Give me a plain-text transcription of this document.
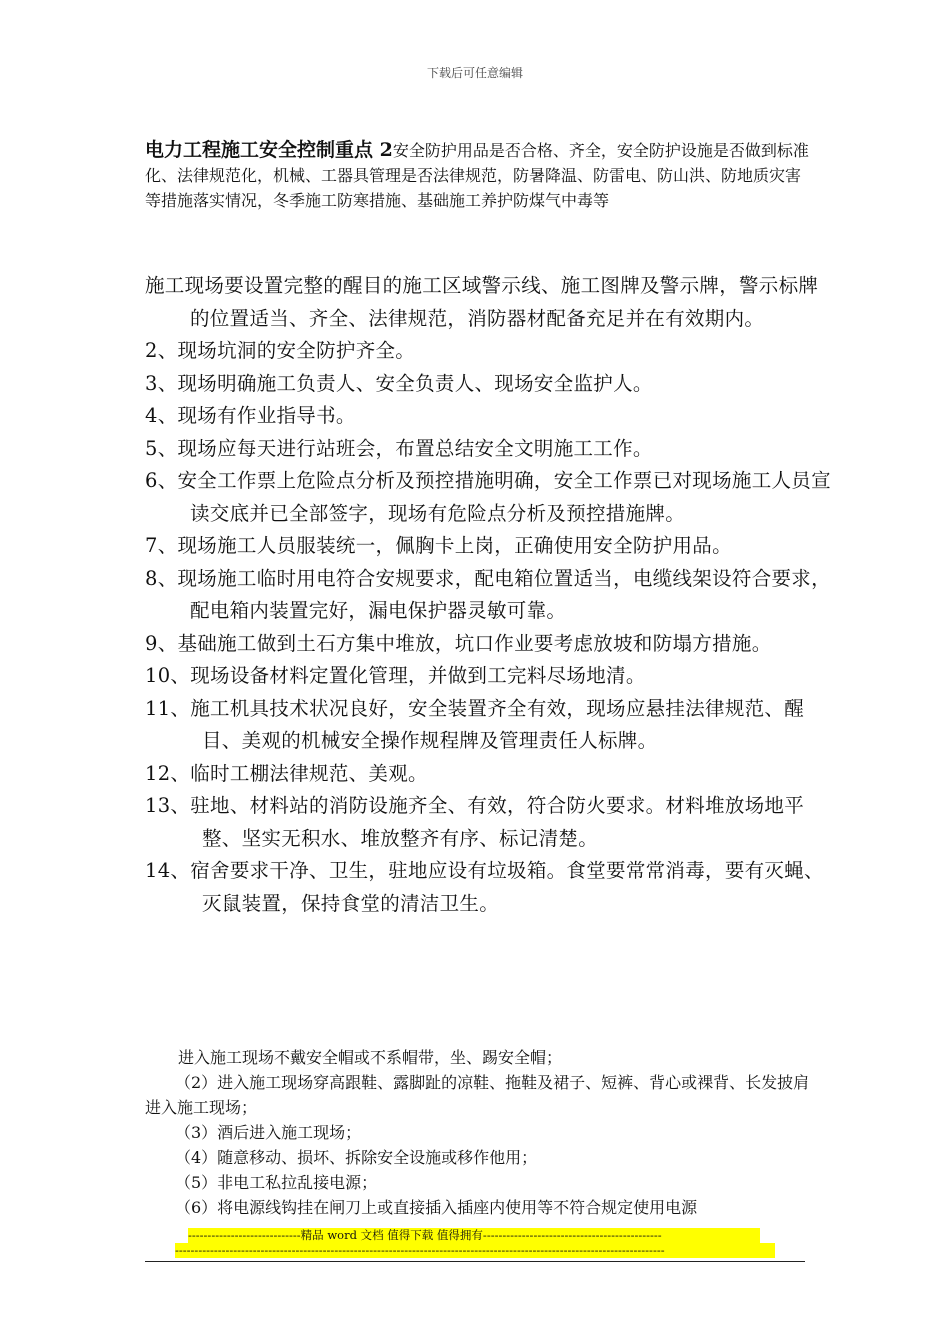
下载后可任意编辑
电力工程施工安全控制重点 2安全防护用品是否合格、齐全，安全防护设施是否做到标准化、法律规范化，机械、工器具管理是否法律规范，防暑降温、防雷电、防山洪、防地质灾害等措施落实情况，冬季施工防寒措施、基础施工养护防煤气中毒等

施工现场要设置完整的醒目的施工区域警示线、施工图牌及警示牌，警示标牌的位置适当、齐全、法律规范，消防器材配备充足并在有效期内。

2、现场坑洞的安全防护齐全。

3、现场明确施工负责人、安全负责人、现场安全监护人。

4、现场有作业指导书。

5、现场应每天进行站班会，布置总结安全文明施工工作。

6、安全工作票上危险点分析及预控措施明确，安全工作票已对现场施工人员宣读交底并已全部签字，现场有危险点分析及预控措施牌。

7、现场施工人员服装统一，佩胸卡上岗，正确使用安全防护用品。

8、现场施工临时用电符合安规要求，配电箱位置适当，电缆线架设符合要求，配电箱内装置完好，漏电保护器灵敏可靠。

9、基础施工做到土石方集中堆放，坑口作业要考虑放坡和防塌方措施。

10、现场设备材料定置化管理，并做到工完料尽场地清。

11、施工机具技术状况良好，安全装置齐全有效，现场应悬挂法律规范、醒目、美观的机械安全操作规程牌及管理责任人标牌。

12、临时工棚法律规范、美观。

13、驻地、材料站的消防设施齐全、有效，符合防火要求。材料堆放场地平整、坚实无积水、堆放整齐有序、标记清楚。

14、宿舍要求干净、卫生，驻地应设有垃圾箱。食堂要常常消毒，要有灭蝇、灭鼠装置，保持食堂的清洁卫生。

进入施工现场不戴安全帽或不系帽带，坐、踢安全帽；

（2）进入施工现场穿高跟鞋、露脚趾的凉鞋、拖鞋及裙子、短裤、背心或裸背、长发披肩进入施工现场；

（3）酒后进入施工现场；

（4）随意移动、损坏、拆除安全设施或移作他用；

（5）非电工私拉乱接电源；

（6）将电源线钩挂在闸刀上或直接插入插座内使用等不符合规定使用电源

-----------------------------精品 word 文档 值得下载 值得拥有----------------------------------------------
------------------------------------------------------------------------------------------------------------------------------
